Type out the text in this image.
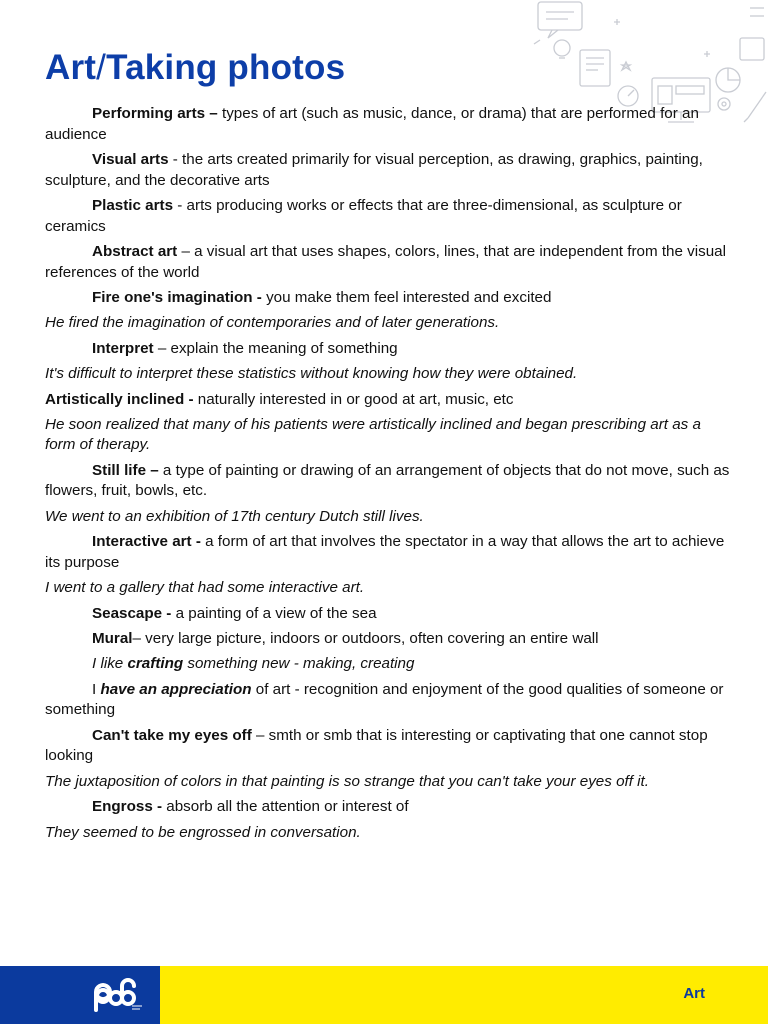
Art/Taking photos

Performing arts – types of art (such as music, dance, or drama) that are performed for an audience

Visual arts - the arts created primarily for visual perception, as drawing, graphics, painting, sculpture, and the decorative arts

Plastic arts - arts producing works or effects that are three-dimensional, as sculpture or ceramics

Abstract art – a visual art that uses shapes, colors, lines, that are independent from the visual references of the world

Fire one's imagination - you make them feel interested and excited

He fired the imagination of contemporaries and of later generations.

Interpret – explain the meaning of something

It's difficult to interpret these statistics without knowing how they were obtained.

Artistically inclined - naturally interested in or good at art, music, etc

He soon realized that many of his patients were artistically inclined and began prescribing art as a form of therapy.

Still life – a type of painting or drawing of an arrangement of objects that do not move, such as flowers, fruit, bowls, etc.

We went to an exhibition of 17th century Dutch still lives.

Interactive art - a form of art that involves the spectator in a way that allows the art to achieve its purpose

I went to a gallery that had some interactive art.

Seascape - a painting of a view of the sea

Mural– very large picture, indoors or outdoors, often covering an entire wall

I like crafting something new - making, creating

I have an appreciation of art - recognition and enjoyment of the good qualities of someone or something

Can't take my eyes off – smth or smb that is interesting or captivating that one cannot stop looking

The juxtaposition of colors in that painting is so strange that you can't take your eyes off it.

Engross - absorb all the attention or interest of

They seemed to be engrossed in conversation.

Art
